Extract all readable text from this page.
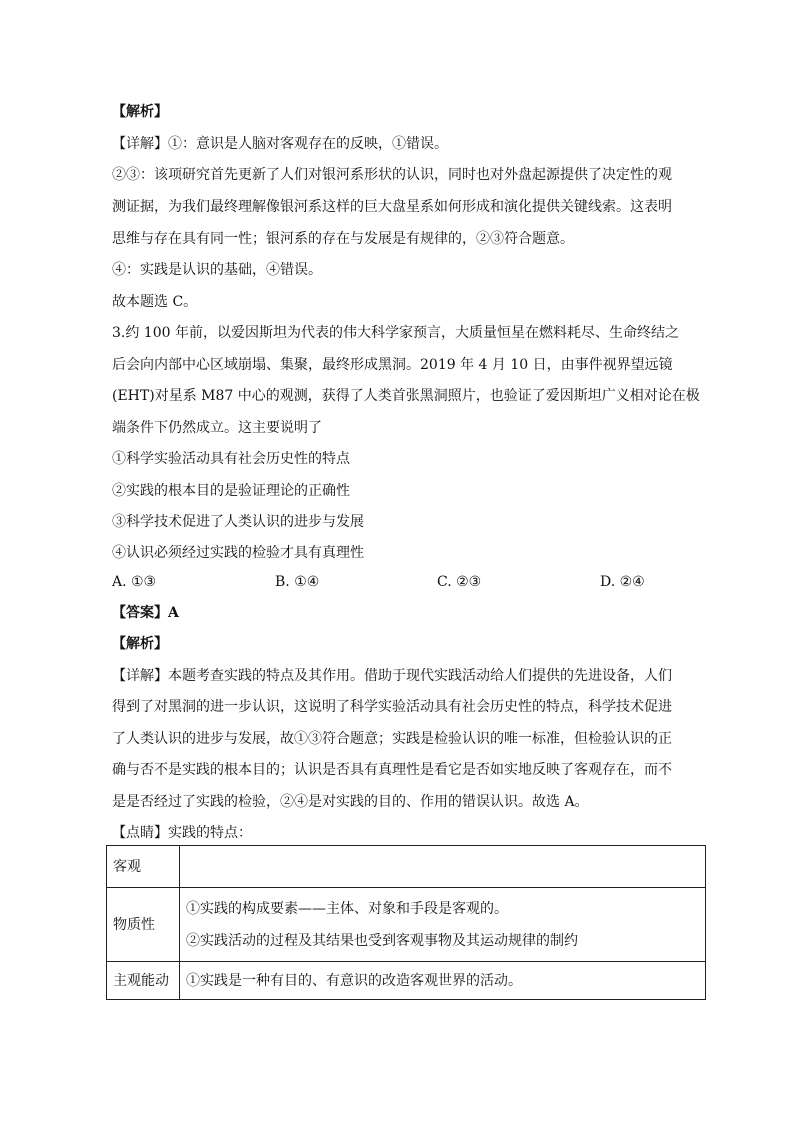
【解析】
【详解】①：意识是人脑对客观存在的反映，①错误。
②③：该项研究首先更新了人们对银河系形状的认识，同时也对外盘起源提供了决定性的观
测证据，为我们最终理解像银河系这样的巨大盘星系如何形成和演化提供关键线索。这表明
思维与存在具有同一性；银河系的存在与发展是有规律的，②③符合题意。
④：实践是认识的基础，④错误。
故本题选 C。
3.约 100 年前，以爱因斯坦为代表的伟大科学家预言，大质量恒星在燃料耗尽、生命终结之
后会向内部中心区域崩塌、集聚，最终形成黑洞。2019 年 4 月 10 日，由事件视界望远镜
(EHT)对星系 M87 中心的观测，获得了人类首张黑洞照片，也验证了爱因斯坦广义相对论在极
端条件下仍然成立。这主要说明了
①科学实验活动具有社会历史性的特点
②实践的根本目的是验证理论的正确性
③科学技术促进了人类认识的进步与发展
④认识必须经过实践的检验才具有真理性
A. ①③	B. ①④	C. ②③	D. ②④
【答案】A
【解析】
【详解】本题考查实践的特点及其作用。借助于现代实践活动给人们提供的先进设备，人们
得到了对黑洞的进一步认识，这说明了科学实验活动具有社会历史性的特点，科学技术促进
了人类认识的进步与发展，故①③符合题意；实践是检验认识的唯一标准，但检验认识的正
确与否不是实践的根本目的；认识是否具有真理性是看它是否如实地反映了客观存在，而不
是是否经过了实践的检验，②④是对实践的目的、作用的错误认识。故选 A。
【点睛】实践的特点：
客观	
物质性	①实践的构成要素——主体、对象和手段是客观的。
②实践活动的过程及其结果也受到客观事物及其运动规律的制约

主观能动	①实践是一种有目的、有意识的改造客观世界的活动。
